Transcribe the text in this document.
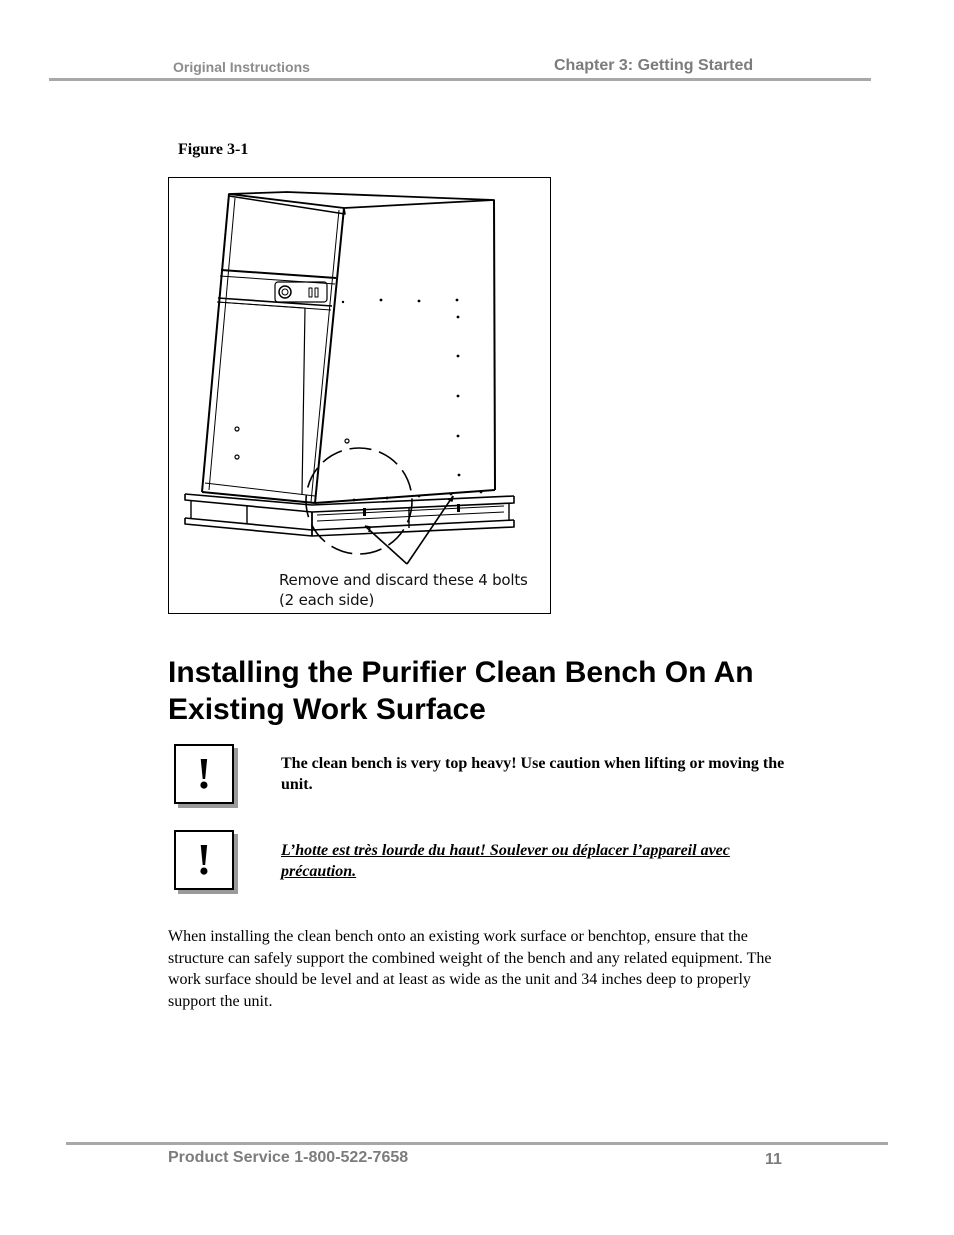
Original Instructions	Chapter 3: Getting Started
Figure 3-1
Remove and discard these 4 bolts
(2 each side)
Installing the Purifier Clean Bench On An Existing Work Surface
!	The clean bench is very top heavy! Use caution when lifting or moving the unit.
!	L’hotte est très lourde du haut! Soulever ou déplacer l’appareil avec précaution.
When installing the clean bench onto an existing work surface or benchtop, ensure that the structure can safely support the combined weight of the bench and any related equipment. The work surface should be level and at least as wide as the unit and 34 inches deep to properly support the unit.
Product Service 1-800-522-7658	11
